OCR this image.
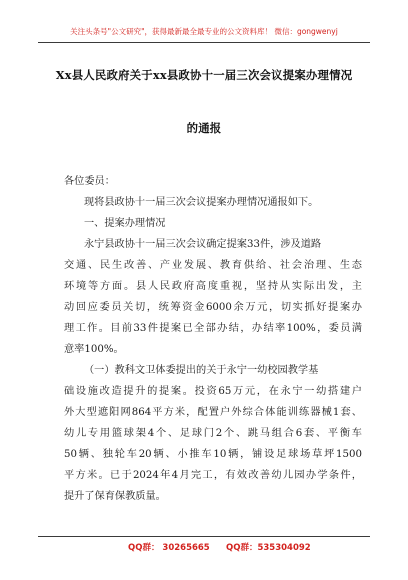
关注头条号"公文研究"，获得最新最全最专业的公文资料库！ 微信：gongwenyj
Xx县人民政府关于xx县政协十一届三次会议提案办理情况
的通报
各位委员：
现将县政协十一届三次会议提案办理情况通报如下。
一、提案办理情况
永宁县政协十一届三次会议确定提案33件，涉及道路
交通、民生改善、产业发展、教育供给、社会治理、生态
环境等方面。县人民政府高度重视，坚持从实际出发，主
动回应委员关切，统筹资金6000余万元，切实抓好提案办
理工作。目前33件提案已全部办结，办结率100%，委员满
意率100%。
（一）教科文卫体委提出的关于永宁一幼校园教学基
础设施改造提升的提案。投资65万元，在永宁一幼搭建户
外大型遮阳网864平方米，配置户外综合体能训练器械1套、
幼儿专用篮球架4个、足球门2个、跳马组合6套、平衡车
50辆、独轮车20辆、小推车10辆，铺设足球场草坪1500
平方米。已于2024年4月完工，有效改善幼儿园办学条件，
提升了保育保教质量。
QQ群： 30265665 QQ群：535304092
